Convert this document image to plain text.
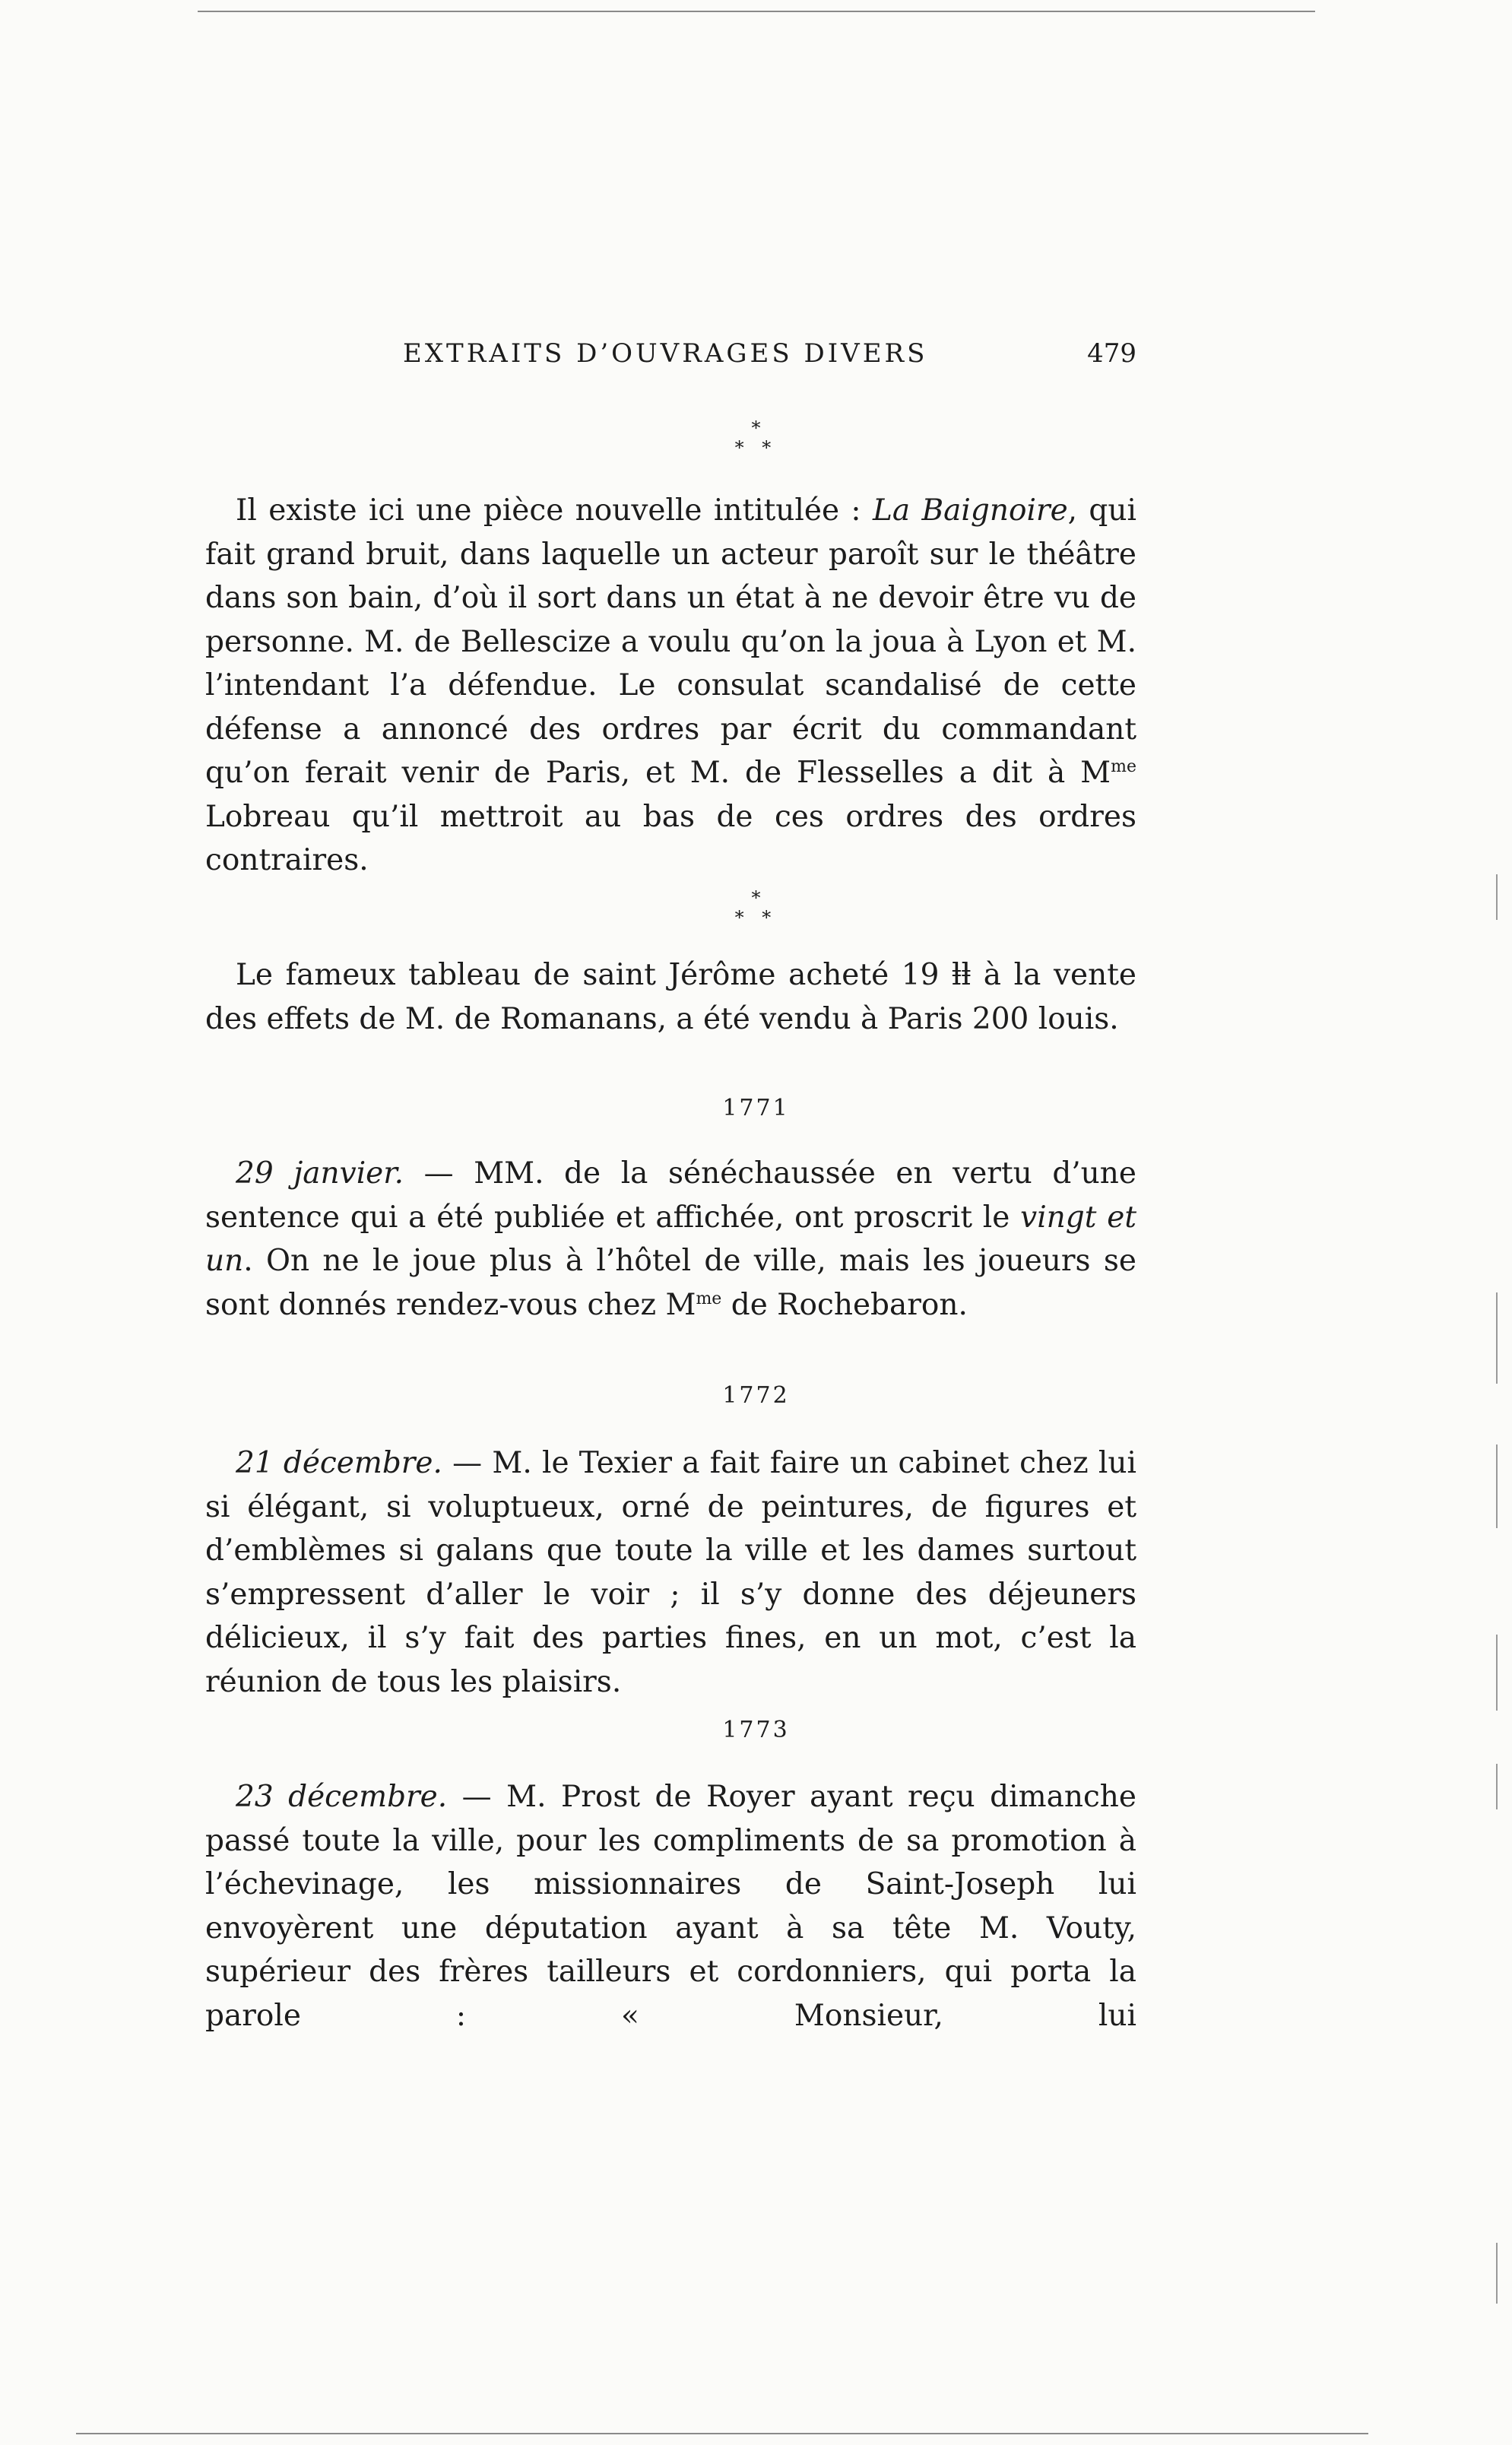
EXTRAITS D’OUVRAGES DIVERS	479
*
* *

Il existe ici une pièce nouvelle intitulée : La Baignoire, qui fait grand bruit, dans laquelle un acteur paroît sur le théâtre dans son bain, d’où il sort dans un état à ne devoir être vu de personne. M. de Bellescize a voulu qu’on la joua à Lyon et M. l’intendant l’a défendue. Le consulat scandalisé de cette défense a annoncé des ordres par écrit du commandant qu’on ferait venir de Paris, et M. de Flesselles a dit à $M^{me}$ Lobreau qu’il mettroit au bas de ces ordres des ordres contraires.

*
* *

Le fameux tableau de saint Jérôme acheté 19 ⱡⱡ à la vente des effets de M. de Romanans, a été vendu à Paris 200 louis.

1771

29 janvier. — MM. de la sénéchaussée en vertu d’une sentence qui a été publiée et affichée, ont proscrit le vingt et un. On ne le joue plus à l’hôtel de ville, mais les joueurs se sont donnés rendez-vous chez $M^{me}$ de Rochebaron.

1772

21 décembre. — M. le Texier a fait faire un cabinet chez lui si élégant, si voluptueux, orné de peintures, de figures et d’emblèmes si galans que toute la ville et les dames surtout s’empressent d’aller le voir ; il s’y donne des déjeuners délicieux, il s’y fait des parties fines, en un mot, c’est la réunion de tous les plaisirs.

1773

23 décembre. — M. Prost de Royer ayant reçu dimanche passé toute la ville, pour les compliments de sa promotion à l’échevinage, les missionnaires de Saint-Joseph lui envoyèrent une députation ayant à sa tête M. Vouty, supérieur des frères tailleurs et cordonniers, qui porta la parole : « Monsieur, lui
